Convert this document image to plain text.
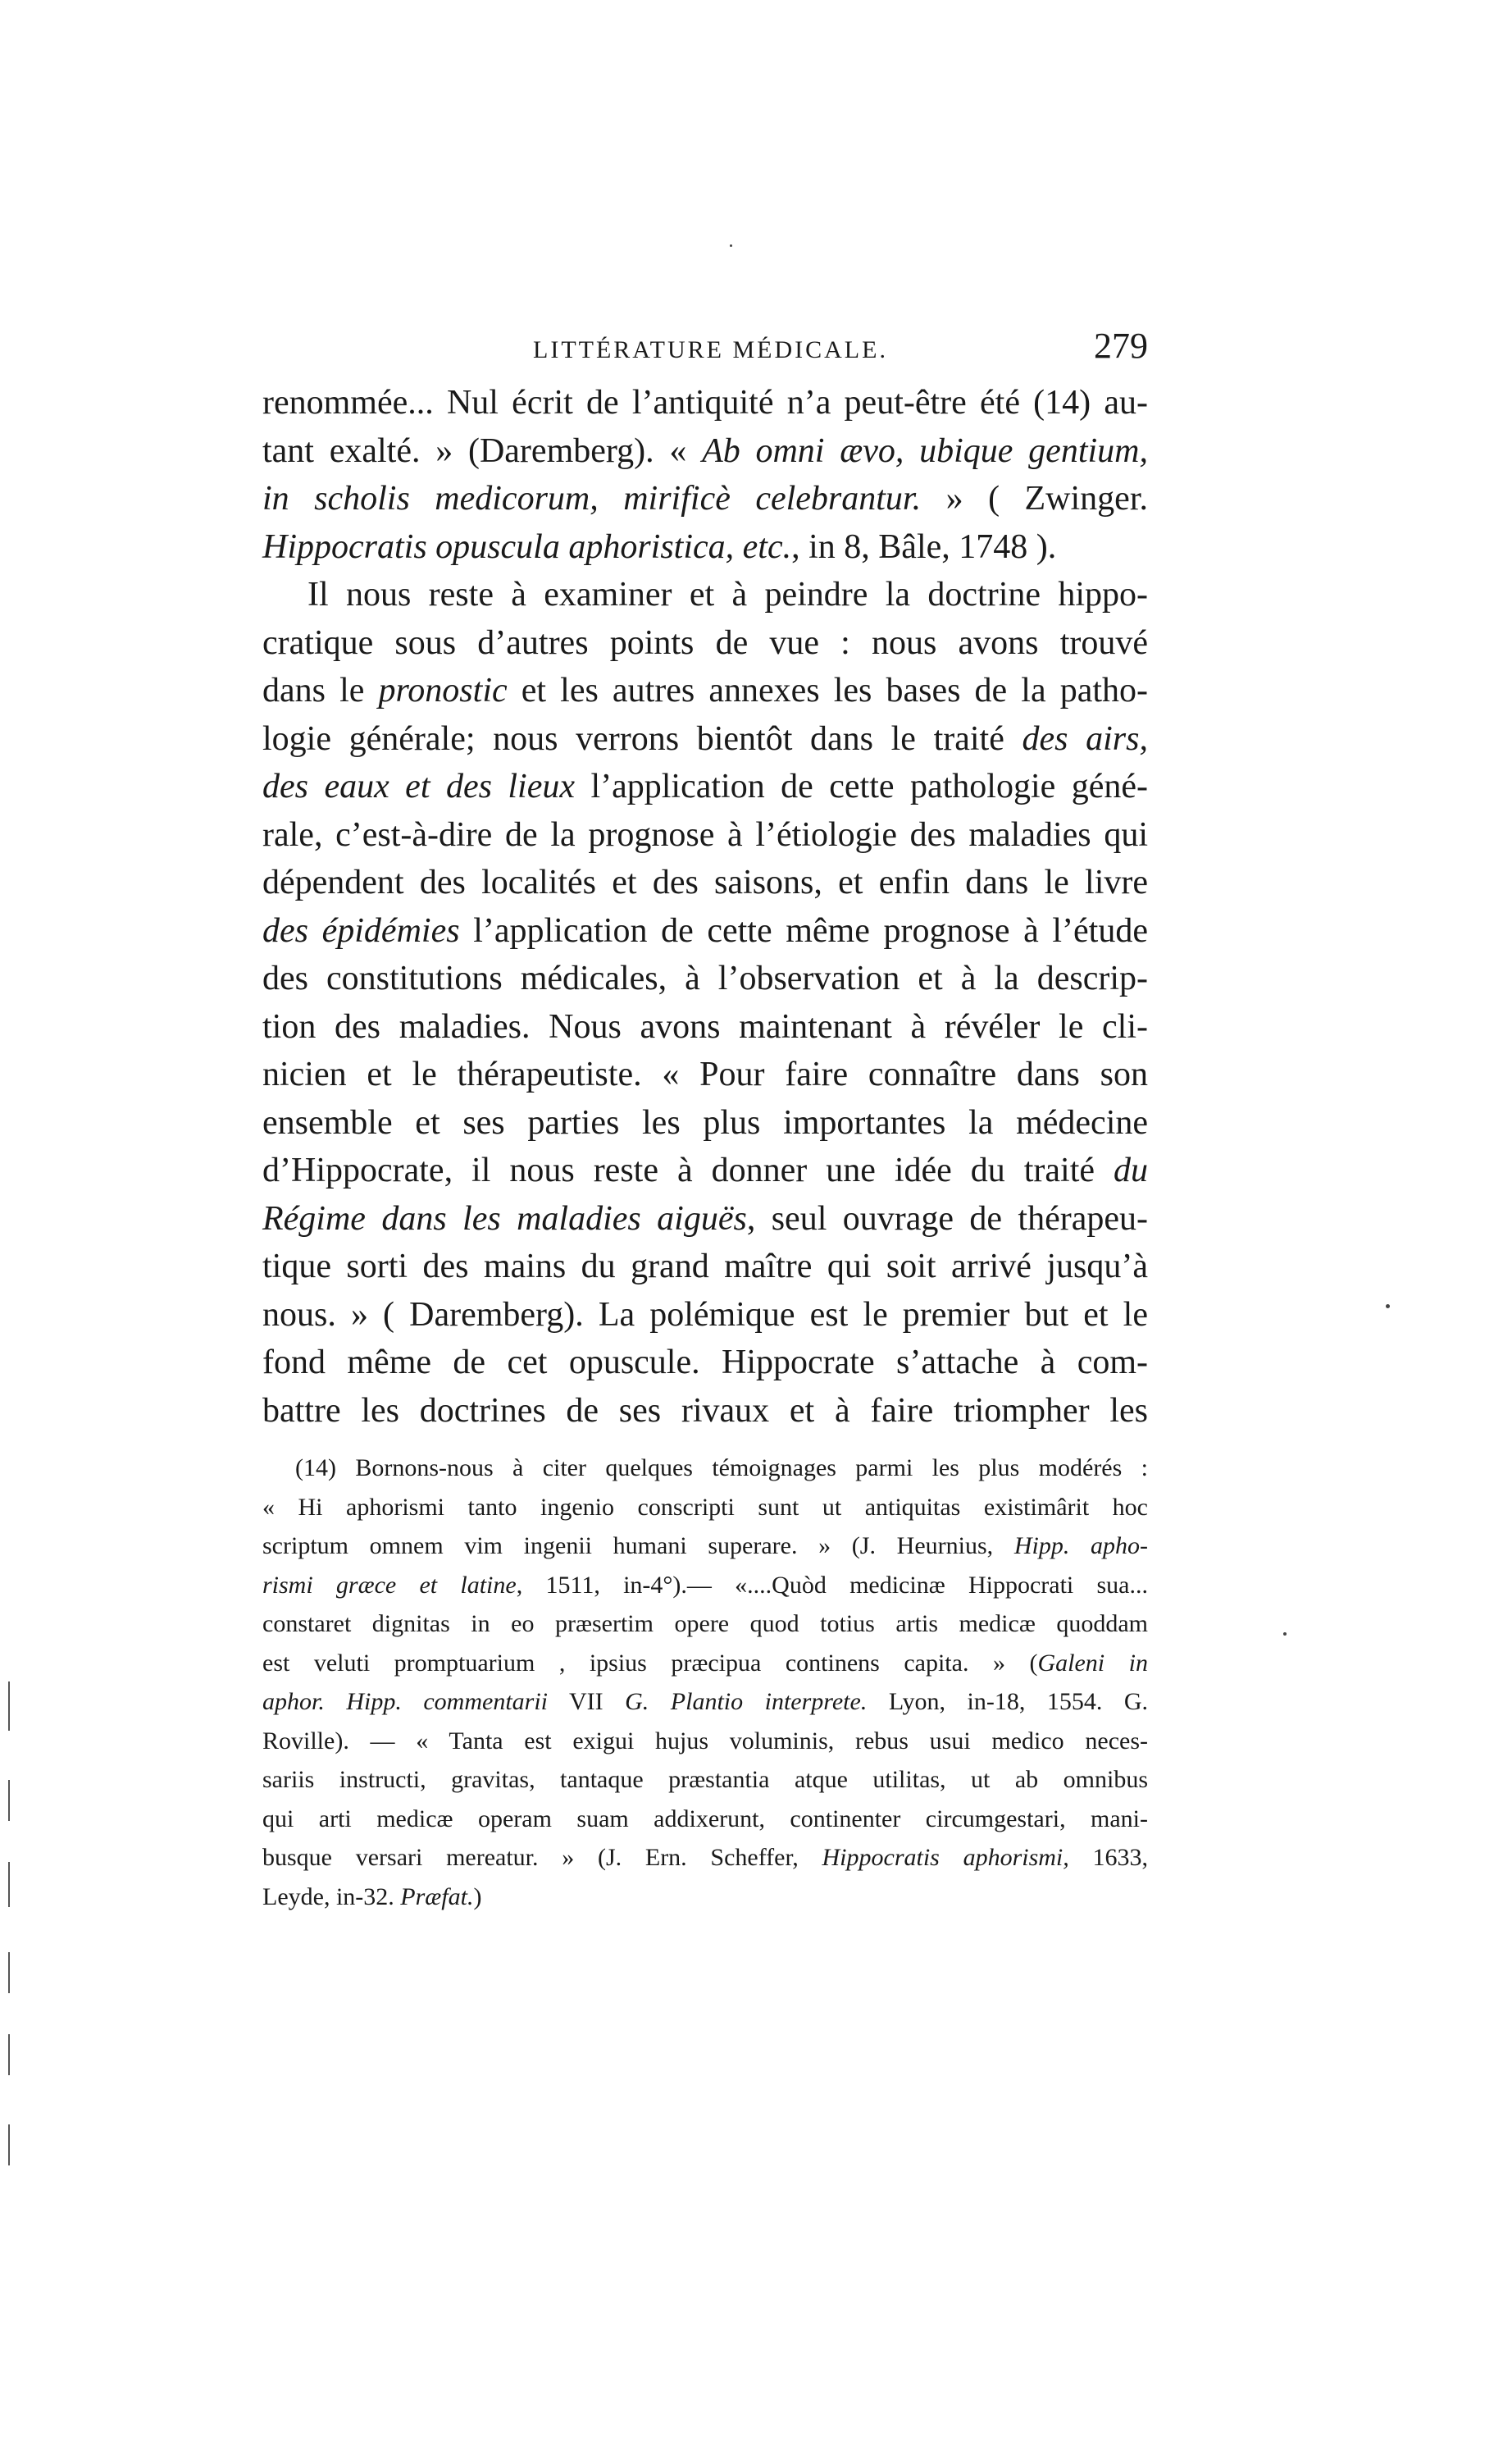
LITTÉRATURE MÉDICALE.	279
renommée... Nul écrit de l’antiquité n’a peut-être été (14) au-
tant exalté. » (Daremberg). « Ab omni ævo, ubique gentium,
in scholis medicorum, mirificè celebrantur. » ( Zwinger.
Hippocratis opuscula aphoristica, etc., in 8, Bâle, 1748 ).
Il nous reste à examiner et à peindre la doctrine hippo-
cratique sous d’autres points de vue : nous avons trouvé
dans le pronostic et les autres annexes les bases de la patho-
logie générale; nous verrons bientôt dans le traité des airs,
des eaux et des lieux l’application de cette pathologie géné-
rale, c’est-à-dire de la prognose à l’étiologie des maladies qui
dépendent des localités et des saisons, et enfin dans le livre
des épidémies l’application de cette même prognose à l’étude
des constitutions médicales, à l’observation et à la descrip-
tion des maladies. Nous avons maintenant à révéler le cli-
nicien et le thérapeutiste. « Pour faire connaître dans son
ensemble et ses parties les plus importantes la médecine
d’Hippocrate, il nous reste à donner une idée du traité du
Régime dans les maladies aiguës, seul ouvrage de thérapeu-
tique sorti des mains du grand maître qui soit arrivé jusqu’à
nous. » ( Daremberg). La polémique est le premier but et le
fond même de cet opuscule. Hippocrate s’attache à com-
battre les doctrines de ses rivaux et à faire triompher les
(14) Bornons-nous à citer quelques témoignages parmi les plus modérés :
« Hi aphorismi tanto ingenio conscripti sunt ut antiquitas existimârit hoc
scriptum omnem vim ingenii humani superare. » (J. Heurnius, Hipp. apho-
rismi græce et latine, 1511, in-4°).— «....Quòd medicinæ Hippocrati sua...
constaret dignitas in eo præsertim opere quod totius artis medicæ quoddam
est veluti promptuarium , ipsius præcipua continens capita. » (Galeni in
aphor. Hipp. commentarii VII G. Plantio interprete. Lyon, in-18, 1554. G.
Roville). — « Tanta est exigui hujus voluminis, rebus usui medico neces-
sariis instructi, gravitas, tantaque præstantia atque utilitas, ut ab omnibus
qui arti medicæ operam suam addixerunt, continenter circumgestari, mani-
busque versari mereatur. » (J. Ern. Scheffer, Hippocratis aphorismi, 1633,
Leyde, in-32. Præfat.)
